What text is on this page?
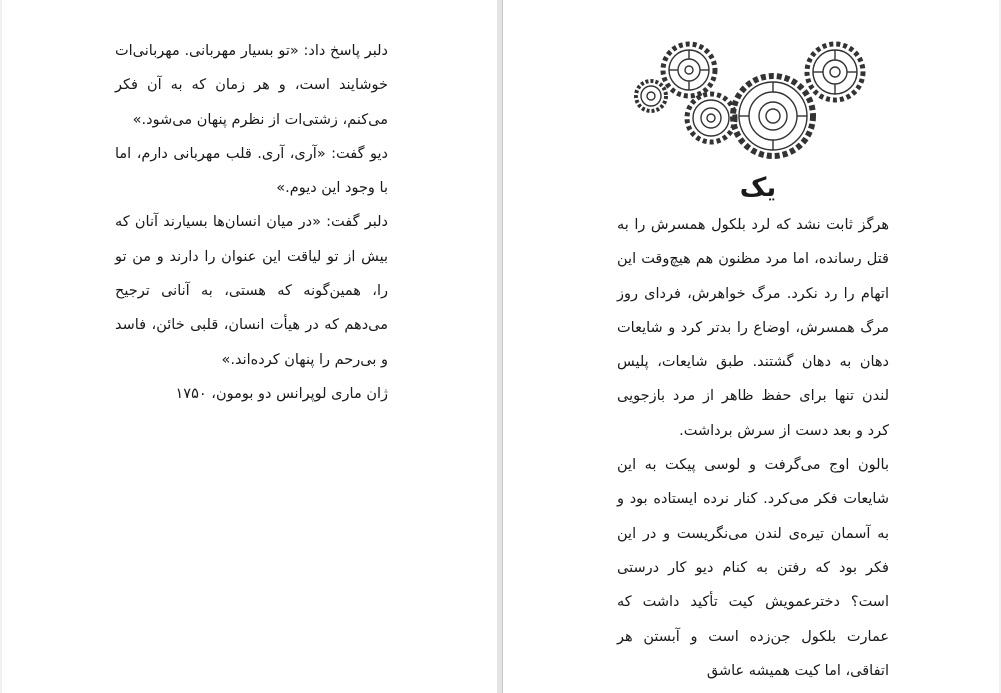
دلبر پاسخ داد: «تو بسیار مهربانی. مهربانی‌ات خوشایند است، و هر زمان که به آن فکر می‌کنم، زشتی‌ات از نظرم پنهان می‌شود.»

دیو گفت: «آری، آری. قلب مهربانی دارم، اما با وجود این دیوم.»

دلبر گفت: «در میان انسان‌ها بسیارند آنان که بیش از تو لیاقت این عنوان را دارند و من تو را، همین‌گونه که هستی، به آنانی ترجیح می‌دهم که در هیأت انسان، قلبی خائن، فاسد و بی‌رحم را پنهان کرده‌اند.»

ژان ماری لوپرانس دو بومون، ۱۷۵۰

یک

هرگز ثابت نشد که لرد بلکول همسرش را به قتل رسانده، اما مرد مظنون هم هیچ‌وقت این اتهام را رد نکرد. مرگ خواهرش، فردای روز مرگ همسرش، اوضاع را بدتر کرد و شایعات دهان به دهان گشتند. طبق شایعات، پلیس لندن تنها برای حفظ ظاهر از مرد بازجویی کرد و بعد دست از سرش برداشت.

بالون اوج می‌گرفت و لوسی پیکت به این شایعات فکر می‌کرد. کنار نرده ایستاده بود و به آسمان تیره‌ی لندن می‌نگریست و در این فکر بود که رفتن به کنام دیو کار درستی است؟ دخترعمویش کیت تأکید داشت که عمارت بلکول جن‌زده است و آبستن هر اتفاقی، اما کیت همیشه عاشق
